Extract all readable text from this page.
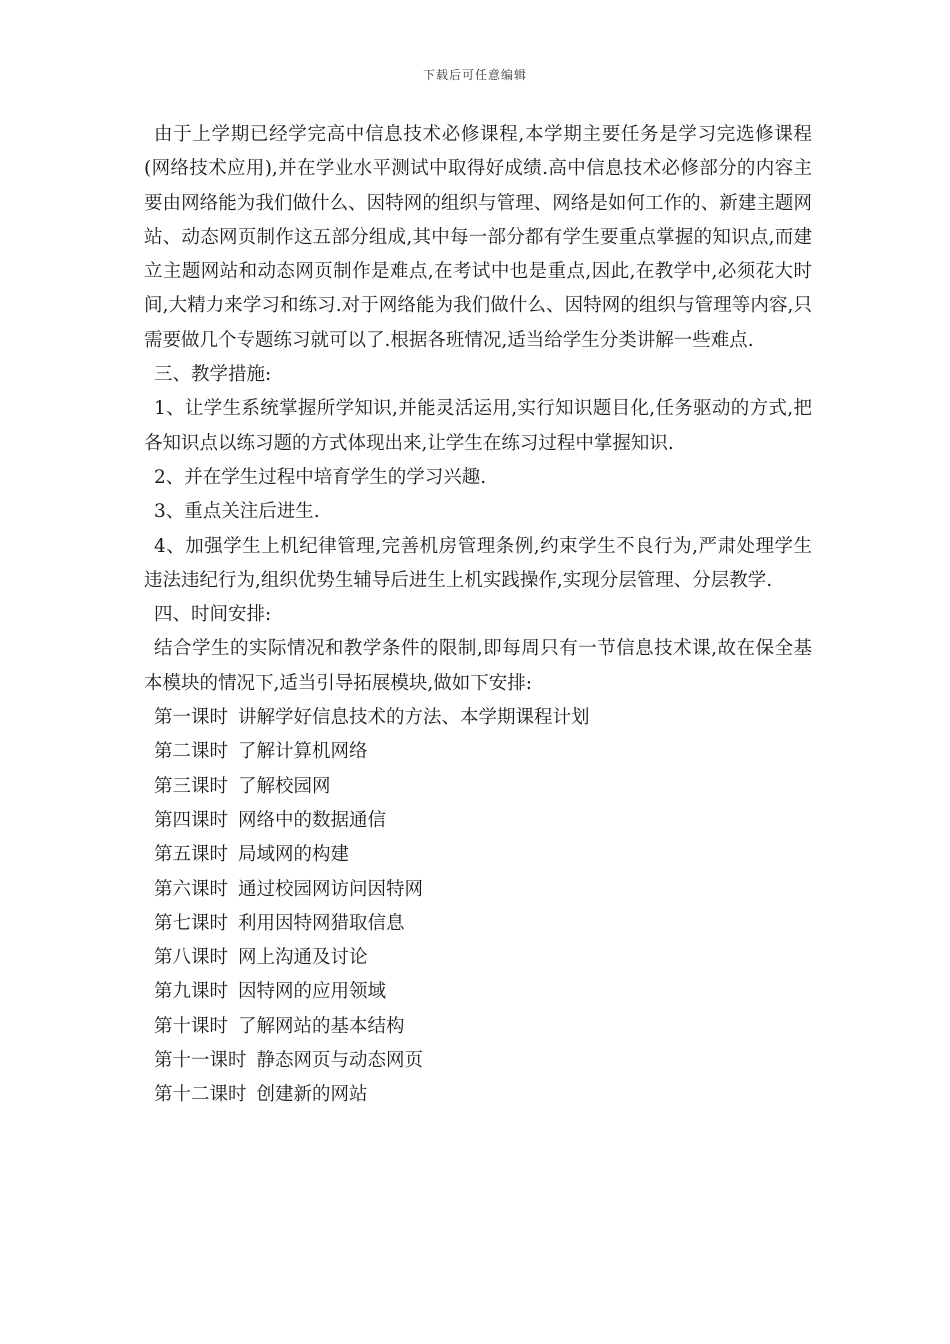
下载后可任意编辑

由于上学期已经学完高中信息技术必修课程,本学期主要任务是学习完选修课程(网络技术应用),并在学业水平测试中取得好成绩.高中信息技术必修部分的内容主要由网络能为我们做什么、因特网的组织与管理、网络是如何工作的、新建主题网站、动态网页制作这五部分组成,其中每一部分都有学生要重点掌握的知识点,而建立主题网站和动态网页制作是难点,在考试中也是重点,因此,在教学中,必须花大时间,大精力来学习和练习.对于网络能为我们做什么、因特网的组织与管理等内容,只需要做几个专题练习就可以了.根据各班情况,适当给学生分类讲解一些难点.

三、教学措施:

1、让学生系统掌握所学知识,并能灵活运用,实行知识题目化,任务驱动的方式,把各知识点以练习题的方式体现出来,让学生在练习过程中掌握知识.

2、并在学生过程中培育学生的学习兴趣.

3、重点关注后进生.

4、加强学生上机纪律管理,完善机房管理条例,约束学生不良行为,严肃处理学生违法违纪行为,组织优势生辅导后进生上机实践操作,实现分层管理、分层教学.

四、时间安排:

结合学生的实际情况和教学条件的限制,即每周只有一节信息技术课,故在保全基本模块的情况下,适当引导拓展模块,做如下安排:

第一课时 讲解学好信息技术的方法、本学期课程计划

第二课时 了解计算机网络

第三课时 了解校园网

第四课时 网络中的数据通信

第五课时 局域网的构建

第六课时 通过校园网访问因特网

第七课时 利用因特网猎取信息

第八课时 网上沟通及讨论

第九课时 因特网的应用领域

第十课时 了解网站的基本结构

第十一课时 静态网页与动态网页

第十二课时 创建新的网站
